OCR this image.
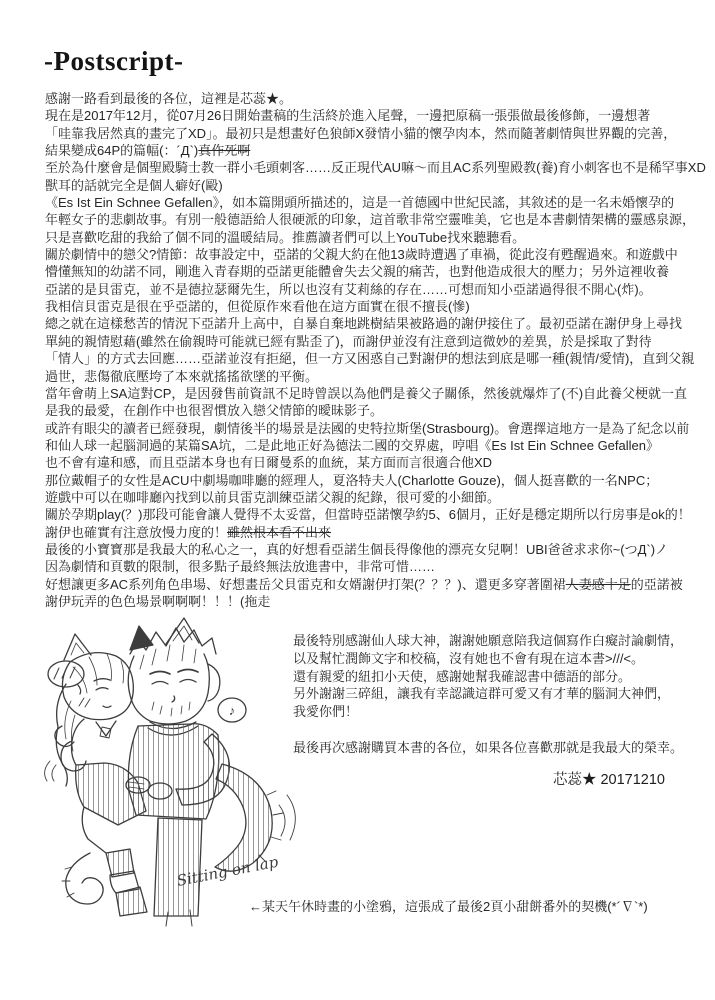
-Postscript-
感謝一路看到最後的各位，這裡是芯蕊★。
現在是2017年12月，從07月26日開始畫稿的生活終於進入尾聲，一邊把原稿一張張做最後修飾，一邊想著
「哇靠我居然真的畫完了XD」。最初只是想畫好色狼師X發情小貓的懷孕肉本，然而隨著劇情與世界觀的完善，
結果變成64P的篇幅(：´Д`)真作死啊
至於為什麼會是個聖殿騎士教一群小毛頭刺客……反正現代AU嘛～而且AC系列聖殿教(養)育小刺客也不是稀罕事XD
獸耳的話就完全是個人癖好(毆)
《Es Ist Ein Schnee Gefallen》，如本篇開頭所描述的，這是一首德國中世紀民謠，其敘述的是一名未婚懷孕的
年輕女子的悲劇故事。有別一般德語給人很硬派的印象，這首歌非常空靈唯美，它也是本書劇情架構的靈感泉源，
只是喜歡吃甜的我給了個不同的溫暖結局。推薦讀者們可以上YouTube找來聽聽看。
關於劇情中的戀父?情節：故事設定中，亞諾的父親大約在他13歲時遭遇了車禍，從此沒有甦醒過來。和遊戲中
懵懂無知的幼諾不同，剛進入青春期的亞諾更能體會失去父親的痛苦，也對他造成很大的壓力；另外這裡收養
亞諾的是貝雷克，並不是德拉瑟爾先生，所以也沒有艾莉絲的存在……可想而知小亞諾過得很不開心(炸)。
我相信貝雷克是很在乎亞諾的，但從原作來看他在這方面實在很不擅長(慘)
總之就在這樣愁苦的情況下亞諾升上高中，自暴自棄地跳樹結果被路過的謝伊接住了。最初亞諾在謝伊身上尋找
單純的親情慰藉(雖然在偷親時可能就已經有點歪了)，而謝伊並沒有注意到這微妙的差異，於是採取了對待
「情人」的方式去回應……亞諾並沒有拒絕，但一方又困惑自己對謝伊的想法到底是哪一種(親情/愛情)，直到父親
過世，悲傷徹底壓垮了本來就搖搖欲墜的平衡。
當年會萌上SA這對CP，是因發售前資訊不足時曾誤以為他們是養父子關係，然後就爆炸了(不)自此養父梗就一直
是我的最愛，在創作中也很習慣放入戀父情節的曖昧影子。
或許有眼尖的讀者已經發現，劇情後半的場景是法國的史特拉斯堡(Strasbourg)。會選擇這地方一是為了紀念以前
和仙人球一起腦洞過的某篇SA坑，二是此地正好為德法二國的交界處，哼唱《Es Ist Ein Schnee Gefallen》
也不會有違和感，而且亞諾本身也有日爾曼系的血統，某方面而言很適合他XD
那位戴帽子的女性是ACU中劇場咖啡廳的經理人，夏洛特夫人(Charlotte Gouze)，個人挺喜歡的一名NPC；
遊戲中可以在咖啡廳內找到以前貝雷克訓練亞諾父親的紀錄，很可愛的小細節。
關於孕期play(？)那段可能會讓人覺得不太妥當，但當時亞諾懷孕約5、6個月，正好是穩定期所以行房事是ok的！
謝伊也確實有注意放慢力度的！雖然根本看不出來
最後的小寶寶那是我最大的私心之一，真的好想看亞諾生個長得像他的漂亮女兒啊！UBI爸爸求求你~(つД`)ノ
因為劇情和頁數的限制，很多點子最終無法放進書中，非常可惜……
好想讓更多AC系列角色串場、好想畫岳父貝雷克和女婿謝伊打架(？？？)、還更多穿著圍裙人妻感十足的亞諾被
謝伊玩弄的色色場景啊啊啊！！！(拖走
♪
Sitting on lap
最後特別感謝仙人球大神，謝謝她願意陪我這個寫作白癡討論劇情，
以及幫忙潤飾文字和校稿，沒有她也不會有現在這本書>///<。
還有親愛的紐扣小天使，感謝她幫我確認書中德語的部分。
另外謝謝三碎組，讓我有幸認識這群可愛又有才華的腦洞大神們，
我愛你們！
最後再次感謝購買本書的各位，如果各位喜歡那就是我最大的榮幸。
芯蕊★ 20171210
←某天午休時畫的小塗鴉，這張成了最後2頁小甜餅番外的契機(*´∇`*)
